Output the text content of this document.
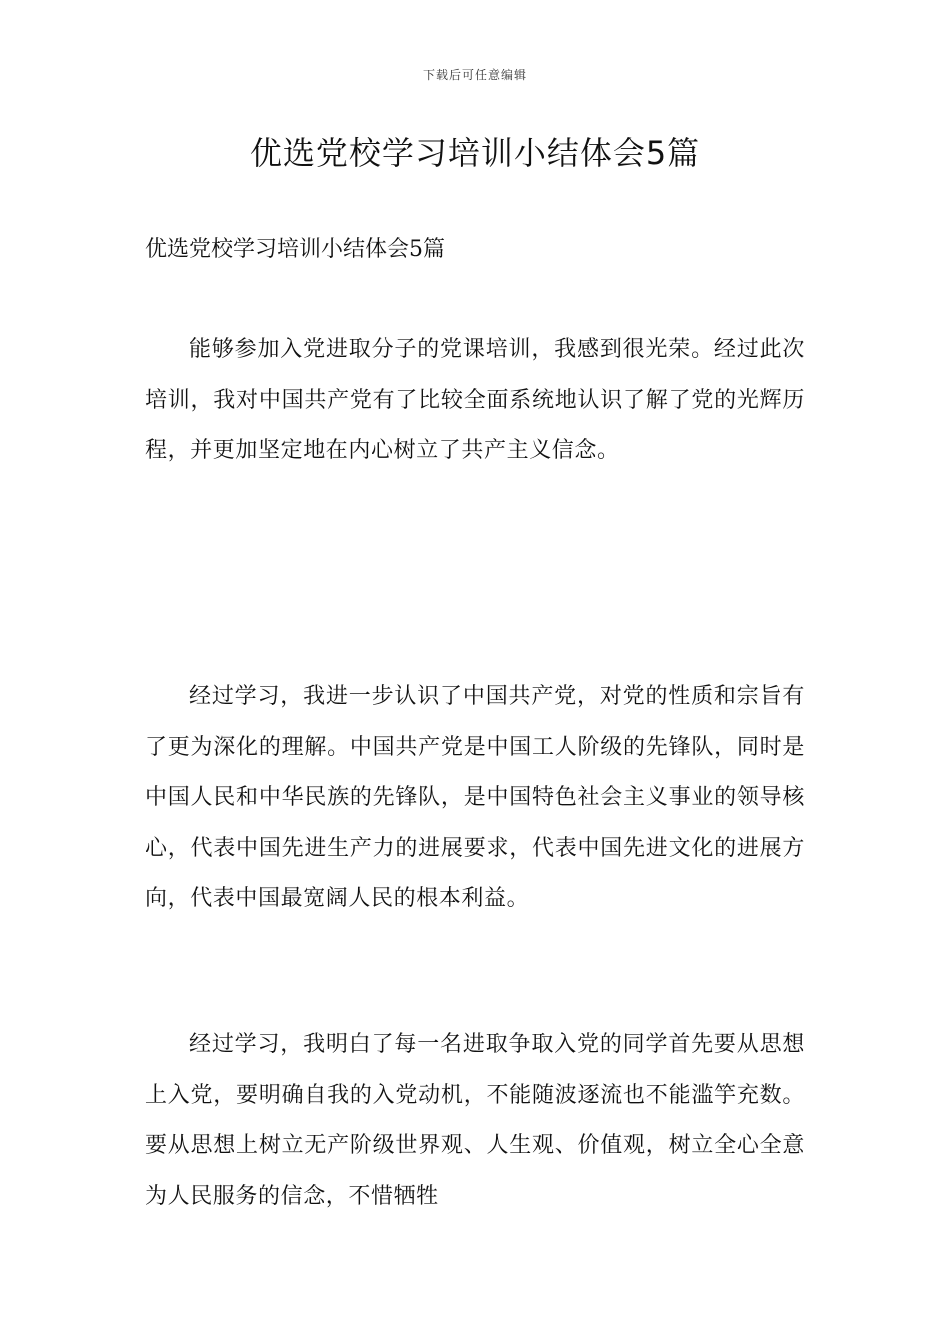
下载后可任意编辑
优选党校学习培训小结体会5篇

优选党校学习培训小结体会5篇

能够参加入党进取分子的党课培训，我感到很光荣。经过此次培训，我对中国共产党有了比较全面系统地认识了解了党的光辉历程，并更加坚定地在内心树立了共产主义信念。

经过学习，我进一步认识了中国共产党，对党的性质和宗旨有了更为深化的理解。中国共产党是中国工人阶级的先锋队，同时是中国人民和中华民族的先锋队，是中国特色社会主义事业的领导核心，代表中国先进生产力的进展要求，代表中国先进文化的进展方向，代表中国最宽阔人民的根本利益。

经过学习，我明白了每一名进取争取入党的同学首先要从思想上入党，要明确自我的入党动机，不能随波逐流也不能滥竽充数。要从思想上树立无产阶级世界观、人生观、价值观，树立全心全意为人民服务的信念，不惜牺牲
